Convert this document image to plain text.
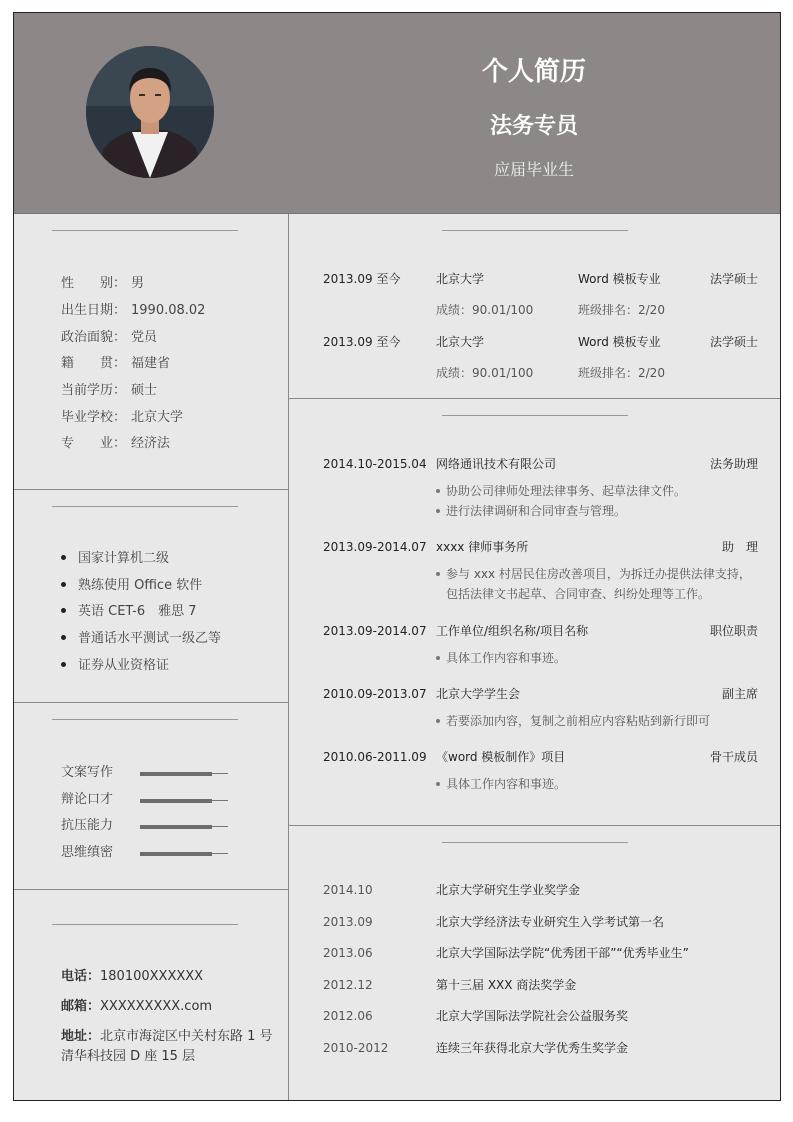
个人简历
法务专员
应届毕业生
性　　别： 男
出生日期： 1990.08.02
政治面貌： 党员
籍　　贯： 福建省
当前学历： 硕士
毕业学校： 北京大学
专　　业： 经济法
国家计算机二级
熟练使用 Office 软件
英语 CET-6　雅思 7
普通话水平测试一级乙等
证券从业资格证
文案写作
辩论口才
抗压能力
思维缜密
电话：180100XXXXXX
邮箱：XXXXXXXXX.com
地址：北京市海淀区中关村东路 1 号清华科技园 D 座 15 层
2013.09 至今	北京大学	Word 模板专业	法学硕士
成绩：90.01/100	班级排名：2/20
2013.09 至今	北京大学	Word 模板专业	法学硕士
成绩：90.01/100	班级排名：2/20
2014.10-2015.04 网络通讯技术有限公司	法务助理
协助公司律师处理法律事务、起草法律文件。
进行法律调研和合同审查与管理。
2013.09-2014.07 xxxx 律师事务所	助　理
参与 xxx 村居民住房改善项目，为拆迁办提供法律支持，
包括法律文书起草、合同审查、纠纷处理等工作。
2013.09-2014.07 工作单位/组织名称/项目名称	职位职责
具体工作内容和事迹。
2010.09-2013.07 北京大学学生会	副主席
若要添加内容，复制之前相应内容粘贴到新行即可
2010.06-2011.09 《word 模板制作》项目	骨干成员
具体工作内容和事迹。
2014.10	北京大学研究生学业奖学金
2013.09	北京大学经济法专业研究生入学考试第一名
2013.06	北京大学国际法学院“优秀团干部”“优秀毕业生”
2012.12	第十三届 XXX 商法奖学金
2012.06	北京大学国际法学院社会公益服务奖
2010-2012	连续三年获得北京大学优秀生奖学金
